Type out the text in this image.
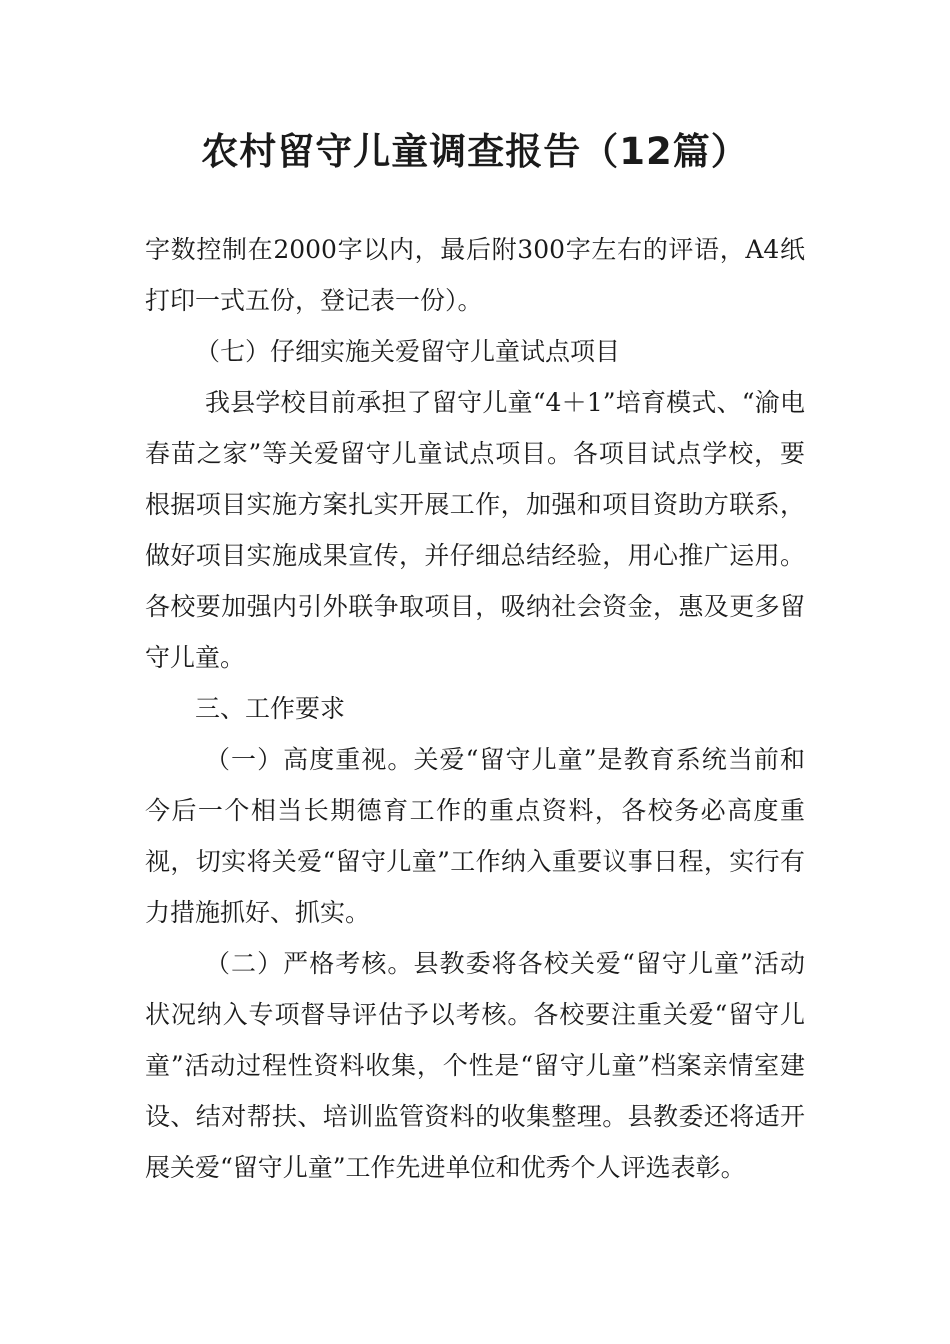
农村留守儿童调查报告（12篇）

字数控制在2000字以内，最后附300字左右的评语，A4纸打印一式五份，登记表一份）。

（七）仔细实施关爱留守儿童试点项目

我县学校目前承担了留守儿童“4＋1”培育模式、“渝电春苗之家”等关爱留守儿童试点项目。各项目试点学校，要根据项目实施方案扎实开展工作，加强和项目资助方联系，做好项目实施成果宣传，并仔细总结经验，用心推广运用。各校要加强内引外联争取项目，吸纳社会资金，惠及更多留守儿童。

三、工作要求

（一）高度重视。关爱“留守儿童”是教育系统当前和今后一个相当长期德育工作的重点资料，各校务必高度重视，切实将关爱“留守儿童”工作纳入重要议事日程，实行有力措施抓好、抓实。

（二）严格考核。县教委将各校关爱“留守儿童”活动状况纳入专项督导评估予以考核。各校要注重关爱“留守儿童”活动过程性资料收集，个性是“留守儿童”档案亲情室建设、结对帮扶、培训监管资料的收集整理。县教委还将适开展关爱“留守儿童”工作先进单位和优秀个人评选表彰。
